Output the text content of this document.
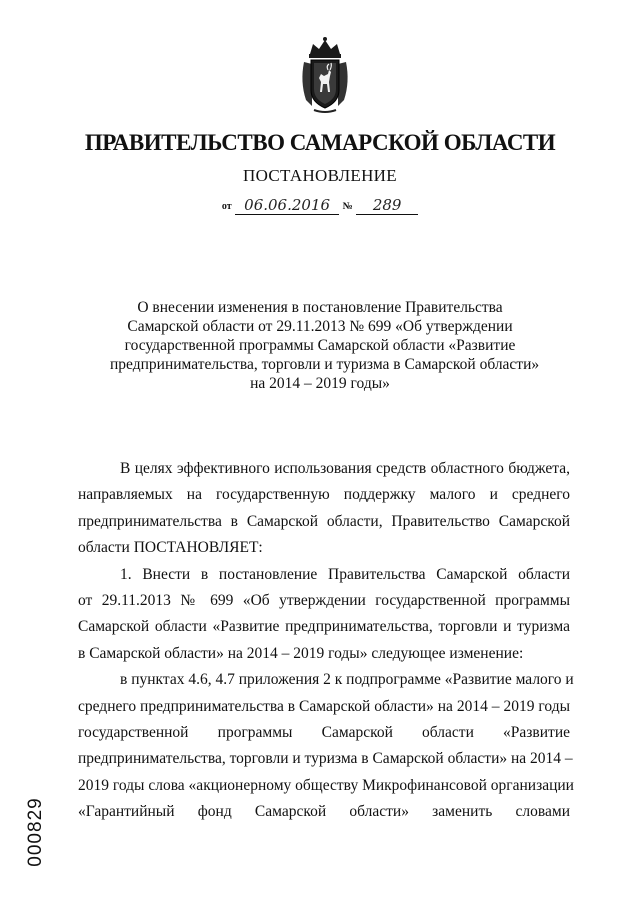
ПРАВИТЕЛЬСТВО САМАРСКОЙ ОБЛАСТИ
ПОСТАНОВЛЕНИЕ
от 06.06.2016 № 289
О внесении изменения в постановление Правительства
Самарской области от 29.11.2013 № 699 «Об утверждении
государственной программы Самарской области «Развитие
предпринимательства, торговли и туризма в Самарской области»
на 2014 – 2019 годы»
В целях эффективного использования средств областного бюджета,
направляемых на государственную поддержку малого и среднего
предпринимательства в Самарской области, Правительство Самарской
области ПОСТАНОВЛЯЕТ:
1. Внести в постановление Правительства Самарской области
от 29.11.2013 № 699 «Об утверждении государственной программы
Самарской области «Развитие предпринимательства, торговли и туризма
в Самарской области» на 2014 – 2019 годы» следующее изменение:
в пунктах 4.6, 4.7 приложения 2 к подпрограмме «Развитие малого и
среднего предпринимательства в Самарской области» на 2014 – 2019 годы
государственной программы Самарской области «Развитие
предпринимательства, торговли и туризма в Самарской области» на 2014 –
2019 годы слова «акционерному обществу Микрофинансовой организации
«Гарантийный фонд Самарской области» заменить словами
000829
